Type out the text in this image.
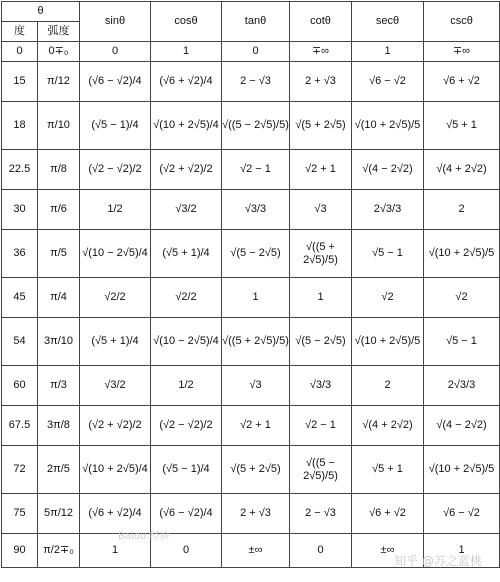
θ		sinθ	cosθ	tanθ	cotθ	secθ	cscθ
度	弧度						
0	0∓₀	0	1	0	∓∞	1	∓∞
15	π/12	(√6 − √2)/4	(√6 + √2)/4	2 − √3	2 + √3	√6 − √2	√6 + √2
18	π/10	(√5 − 1)/4	√(10 + 2√5)/4	√((5 − 2√5)/5)	√(5 + 2√5)	√(10 + 2√5)/5	√5 + 1
22.5	π/8	(√2 − √2)/2	(√2 + √2)/2	√2 − 1	√2 + 1	√(4 − 2√2)	√(4 + 2√2)
30	π/6	1/2	√3/2	√3/3	√3	2√3/3	2
36	π/5	√(10 − 2√5)/4	(√5 + 1)/4	√(5 − 2√5)	√((5 + 2√5)/5)	√5 − 1	√(10 + 2√5)/5
45	π/4	√2/2	√2/2	1	1	√2	√2
54	3π/10	(√5 + 1)/4	√(10 − 2√5)/4	√((5 + 2√5)/5)	√(5 − 2√5)	√(10 + 2√5)/5	√5 − 1
60	π/3	√3/2	1/2	√3	√3/3	2	2√3/3
67.5	3π/8	(√2 + √2)/2	(√2 − √2)/2	√2 + 1	√2 − 1	√(4 + 2√2)	√(4 − 2√2)
72	2π/5	√(10 + 2√5)/4	(√5 − 1)/4	√(5 + 2√5)	√((5 − 2√5)/5)	√5 + 1	√(10 + 2√5)/5
75	5π/12	(√6 + √2)/4	(√6 − √2)/4	2 + √3	2 − √3	√6 + √2	√6 − √2
90	π/2∓₀	1	0	±∞	0	±∞	1
Baidu 经验
知乎 @苏之蓝桃
